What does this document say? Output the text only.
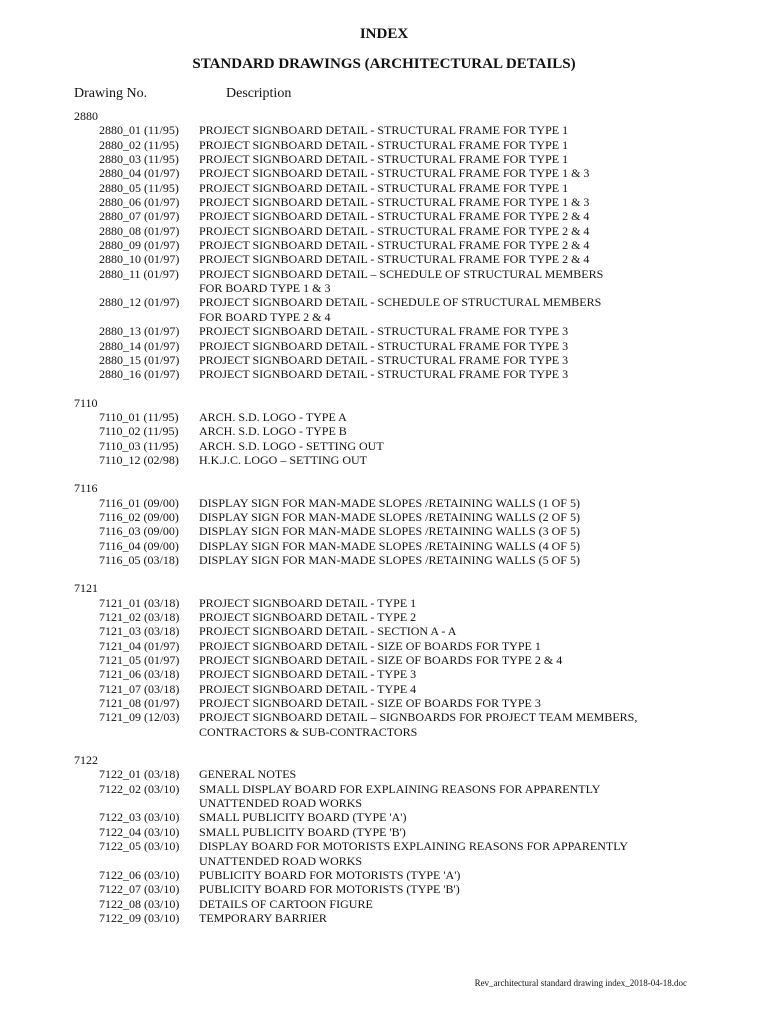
INDEX
STANDARD DRAWINGS (ARCHITECTURAL DETAILS)
Drawing No.	Description
2880
2880_01 (11/95)	PROJECT SIGNBOARD DETAIL - STRUCTURAL FRAME FOR TYPE 1
2880_02 (11/95)	PROJECT SIGNBOARD DETAIL - STRUCTURAL FRAME FOR TYPE 1
2880_03 (11/95)	PROJECT SIGNBOARD DETAIL - STRUCTURAL FRAME FOR TYPE 1
2880_04 (01/97)	PROJECT SIGNBOARD DETAIL - STRUCTURAL FRAME FOR TYPE 1 & 3
2880_05 (11/95)	PROJECT SIGNBOARD DETAIL - STRUCTURAL FRAME FOR TYPE 1
2880_06 (01/97)	PROJECT SIGNBOARD DETAIL - STRUCTURAL FRAME FOR TYPE 1 & 3
2880_07 (01/97)	PROJECT SIGNBOARD DETAIL - STRUCTURAL FRAME FOR TYPE 2 & 4
2880_08 (01/97)	PROJECT SIGNBOARD DETAIL - STRUCTURAL FRAME FOR TYPE 2 & 4
2880_09 (01/97)	PROJECT SIGNBOARD DETAIL - STRUCTURAL FRAME FOR TYPE 2 & 4
2880_10 (01/97)	PROJECT SIGNBOARD DETAIL - STRUCTURAL FRAME FOR TYPE 2 & 4
2880_11 (01/97)	PROJECT SIGNBOARD DETAIL – SCHEDULE OF STRUCTURAL MEMBERS
FOR BOARD TYPE 1 & 3
2880_12 (01/97)	PROJECT SIGNBOARD DETAIL - SCHEDULE OF STRUCTURAL MEMBERS
FOR BOARD TYPE 2 & 4
2880_13 (01/97)	PROJECT SIGNBOARD DETAIL - STRUCTURAL FRAME FOR TYPE 3
2880_14 (01/97)	PROJECT SIGNBOARD DETAIL - STRUCTURAL FRAME FOR TYPE 3
2880_15 (01/97)	PROJECT SIGNBOARD DETAIL - STRUCTURAL FRAME FOR TYPE 3
2880_16 (01/97)	PROJECT SIGNBOARD DETAIL - STRUCTURAL FRAME FOR TYPE 3
7110
7110_01 (11/95)	ARCH. S.D. LOGO - TYPE A
7110_02 (11/95)	ARCH. S.D. LOGO - TYPE B
7110_03 (11/95)	ARCH. S.D. LOGO - SETTING OUT
7110_12 (02/98)	H.K.J.C. LOGO – SETTING OUT
7116
7116_01 (09/00)	DISPLAY SIGN FOR MAN-MADE SLOPES /RETAINING WALLS (1 OF 5)
7116_02 (09/00)	DISPLAY SIGN FOR MAN-MADE SLOPES /RETAINING WALLS (2 OF 5)
7116_03 (09/00)	DISPLAY SIGN FOR MAN-MADE SLOPES /RETAINING WALLS (3 OF 5)
7116_04 (09/00)	DISPLAY SIGN FOR MAN-MADE SLOPES /RETAINING WALLS (4 OF 5)
7116_05 (03/18)	DISPLAY SIGN FOR MAN-MADE SLOPES /RETAINING WALLS (5 OF 5)
7121
7121_01 (03/18)	PROJECT SIGNBOARD DETAIL - TYPE 1
7121_02 (03/18)	PROJECT SIGNBOARD DETAIL - TYPE 2
7121_03 (03/18)	PROJECT SIGNBOARD DETAIL - SECTION A - A
7121_04 (01/97)	PROJECT SIGNBOARD DETAIL - SIZE OF BOARDS FOR TYPE 1
7121_05 (01/97)	PROJECT SIGNBOARD DETAIL - SIZE OF BOARDS FOR TYPE 2 & 4
7121_06 (03/18)	PROJECT SIGNBOARD DETAIL - TYPE 3
7121_07 (03/18)	PROJECT SIGNBOARD DETAIL - TYPE 4
7121_08 (01/97)	PROJECT SIGNBOARD DETAIL - SIZE OF BOARDS FOR TYPE 3
7121_09 (12/03)	PROJECT SIGNBOARD DETAIL – SIGNBOARDS FOR PROJECT TEAM MEMBERS,
CONTRACTORS & SUB-CONTRACTORS
7122
7122_01 (03/18)	GENERAL NOTES
7122_02 (03/10)	SMALL DISPLAY BOARD FOR EXPLAINING REASONS FOR APPARENTLY
UNATTENDED ROAD WORKS
7122_03 (03/10)	SMALL PUBLICITY BOARD (TYPE 'A')
7122_04 (03/10)	SMALL PUBLICITY BOARD (TYPE 'B')
7122_05 (03/10)	DISPLAY BOARD FOR MOTORISTS EXPLAINING REASONS FOR APPARENTLY
UNATTENDED ROAD WORKS
7122_06 (03/10)	PUBLICITY BOARD FOR MOTORISTS (TYPE 'A')
7122_07 (03/10)	PUBLICITY BOARD FOR MOTORISTS (TYPE 'B')
7122_08 (03/10)	DETAILS OF CARTOON FIGURE
7122_09 (03/10)	TEMPORARY BARRIER
Rev_architectural standard drawing index_2018-04-18.doc
